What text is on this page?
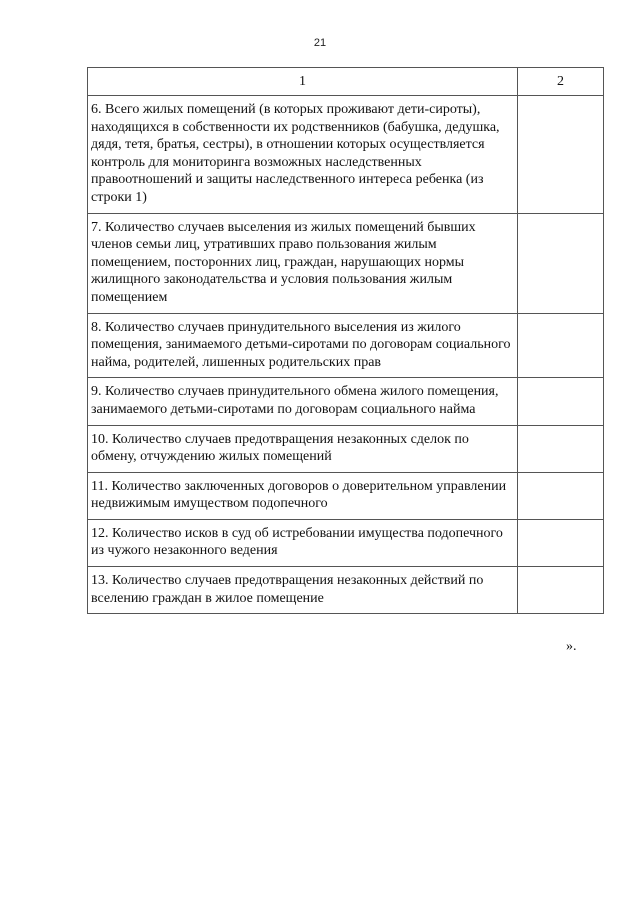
21
1	2
6. Всего жилых помещений (в которых проживают дети-сироты), находящихся в собственности их родственников (бабушка, дедушка, дядя, тетя, братья, сестры), в отношении которых осуществляется контроль для мониторинга возможных наследственных правоотношений и защиты наследственного интереса ребенка (из строки 1)	
7. Количество случаев выселения из жилых помещений бывших членов семьи лиц, утративших право пользования жилым помещением, посторонних лиц, граждан, нарушающих нормы жилищного законодательства и условия пользования жилым помещением	
8. Количество случаев принудительного выселения из жилого помещения, занимаемого детьми-сиротами по договорам социального найма, родителей, лишенных родительских прав	
9. Количество случаев принудительного обмена жилого помещения, занимаемого детьми-сиротами по договорам социального найма	
10. Количество случаев предотвращения незаконных сделок по обмену, отчуждению жилых помещений	
11. Количество заключенных договоров о доверительном управлении недвижимым имуществом подопечного	
12. Количество исков в суд об истребовании имущества подопечного из чужого незаконного ведения	
13. Количество случаев предотвращения незаконных действий по вселению граждан в жилое помещение	
».
